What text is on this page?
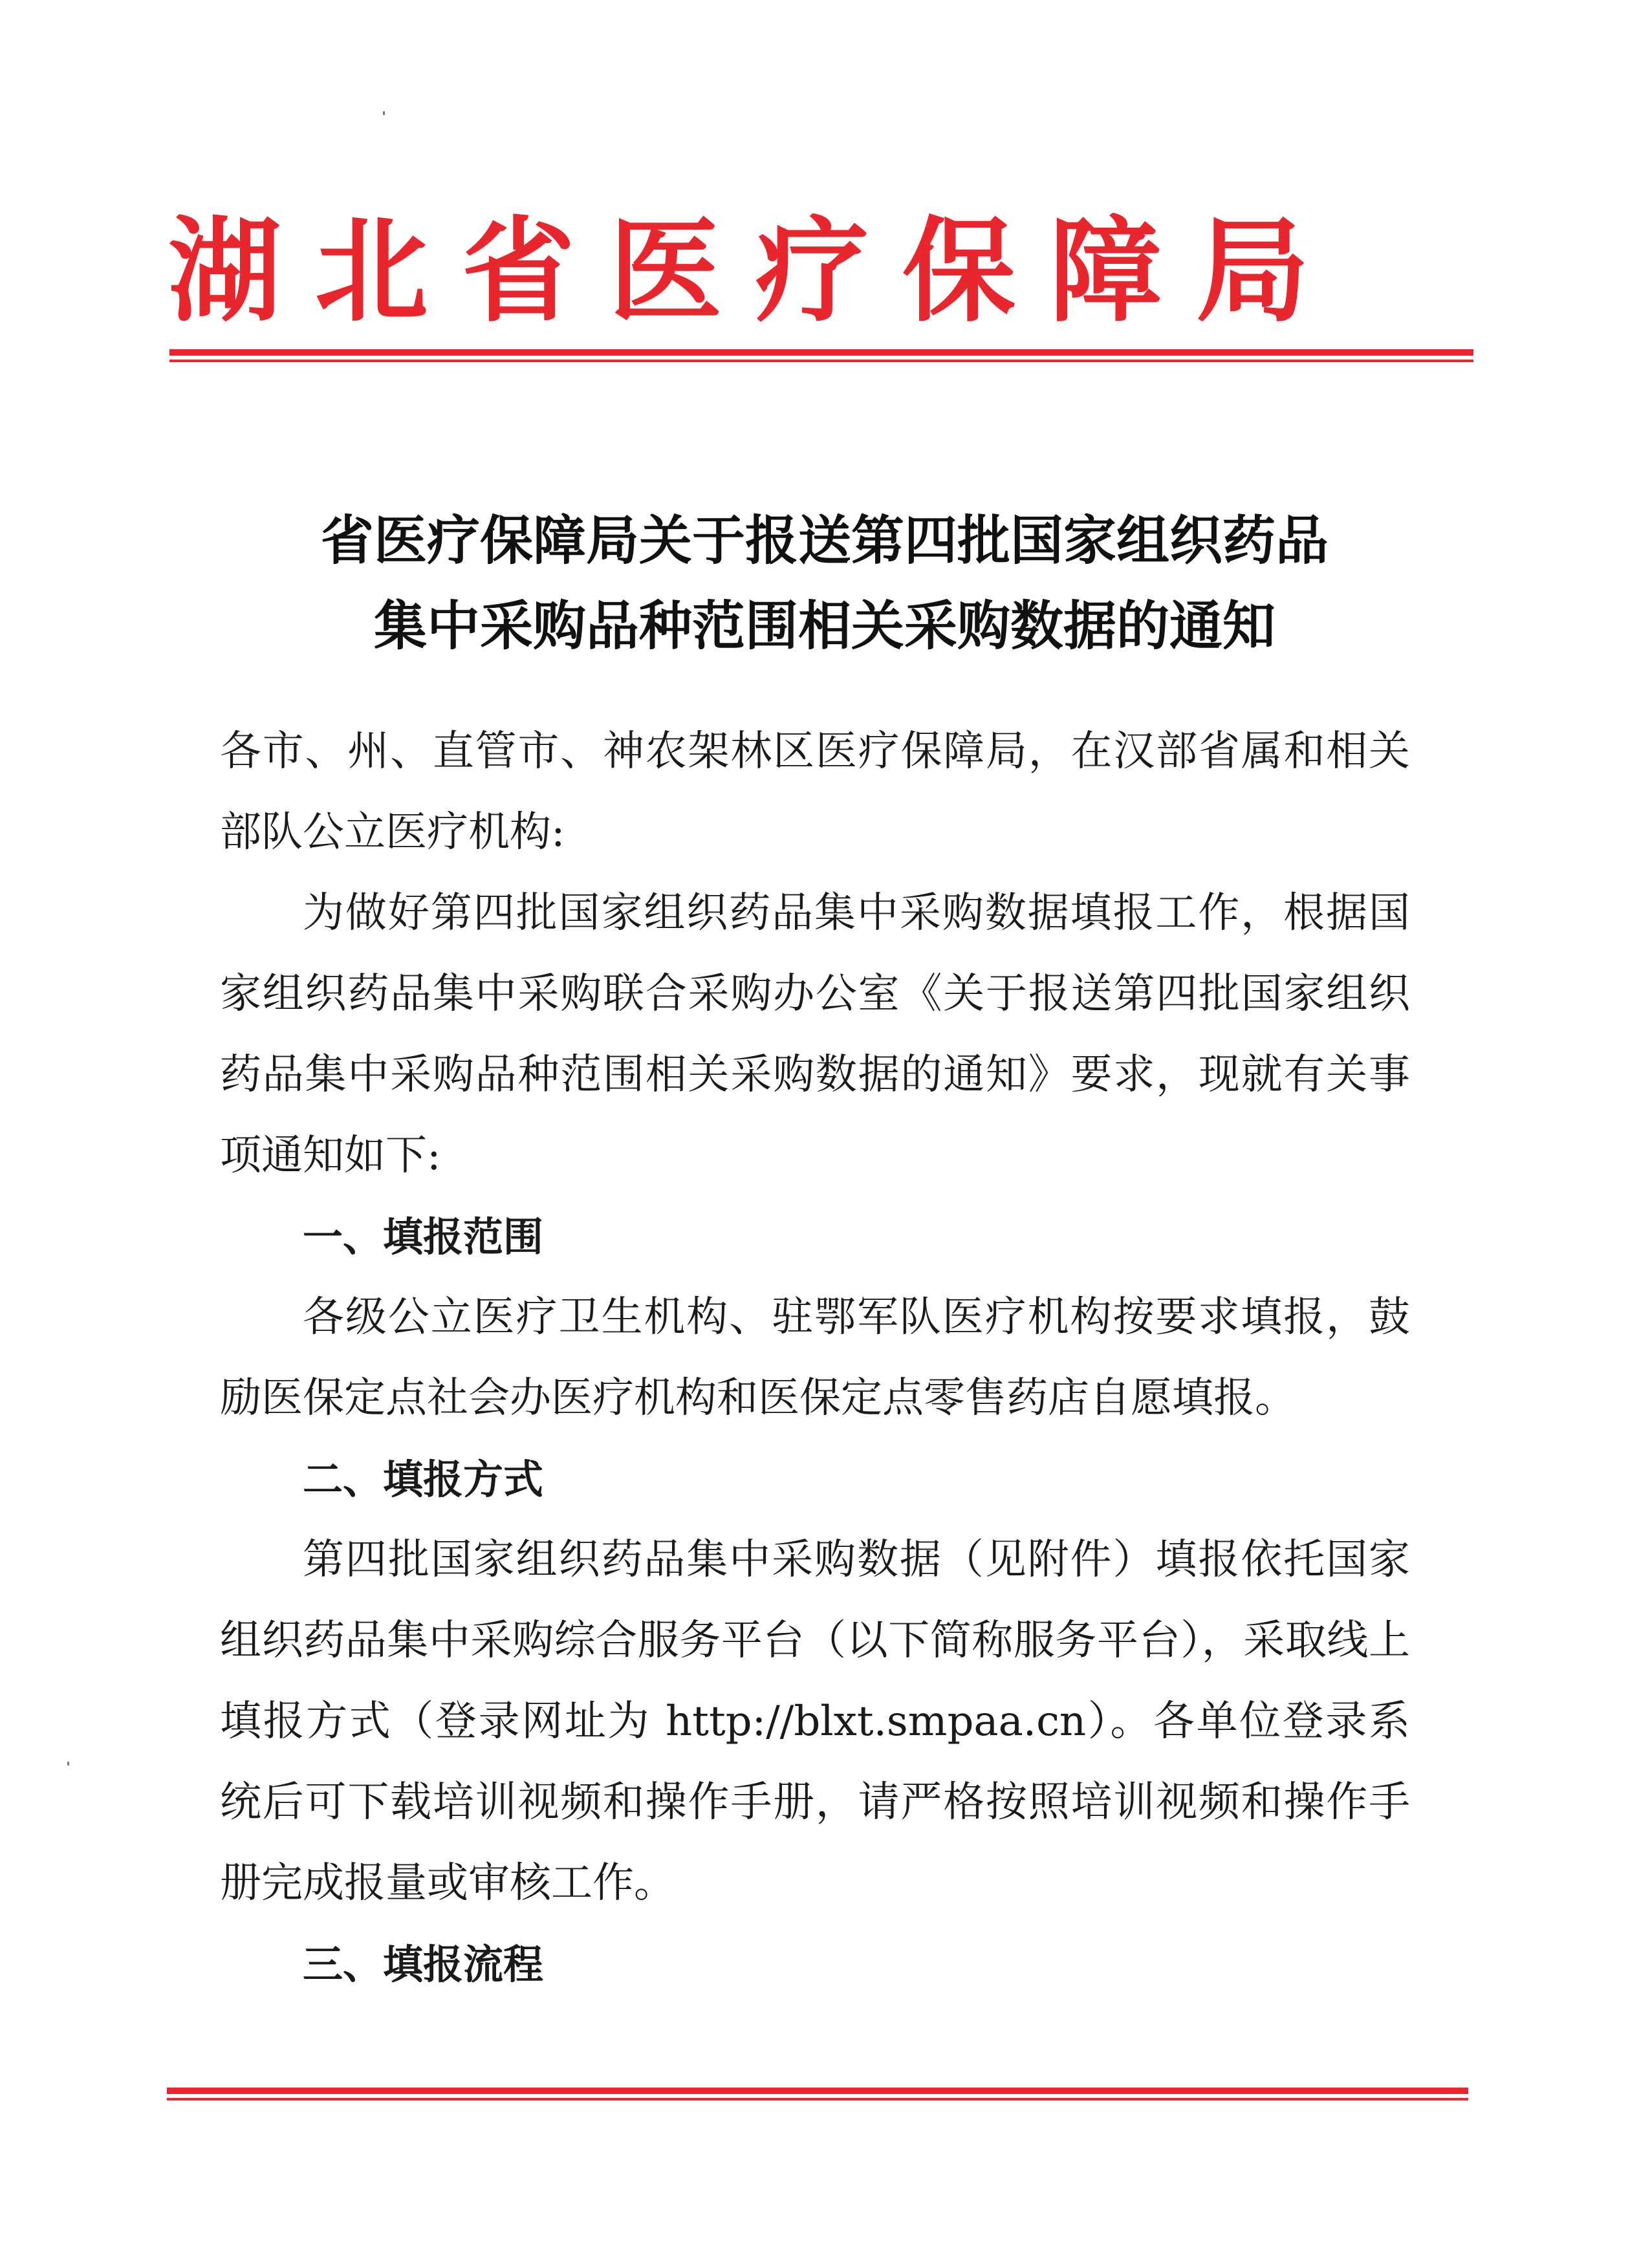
湖北省医疗保障局
省医疗保障局关于报送第四批国家组织药品
集中采购品种范围相关采购数据的通知

各市、州、直管市、神农架林区医疗保障局，在汉部省属和相关部队公立医疗机构:

为做好第四批国家组织药品集中采购数据填报工作，根据国家组织药品集中采购联合采购办公室《关于报送第四批国家组织药品集中采购品种范围相关采购数据的通知》要求，现就有关事项通知如下:

一、填报范围

各级公立医疗卫生机构、驻鄂军队医疗机构按要求填报，鼓励医保定点社会办医疗机构和医保定点零售药店自愿填报。

二、填报方式

第四批国家组织药品集中采购数据（见附件）填报依托国家组织药品集中采购综合服务平台（以下简称服务平台），采取线上填报方式（登录网址为 http://blxt.smpaa.cn）。各单位登录系统后可下载培训视频和操作手册，请严格按照培训视频和操作手册完成报量或审核工作。

三、填报流程
